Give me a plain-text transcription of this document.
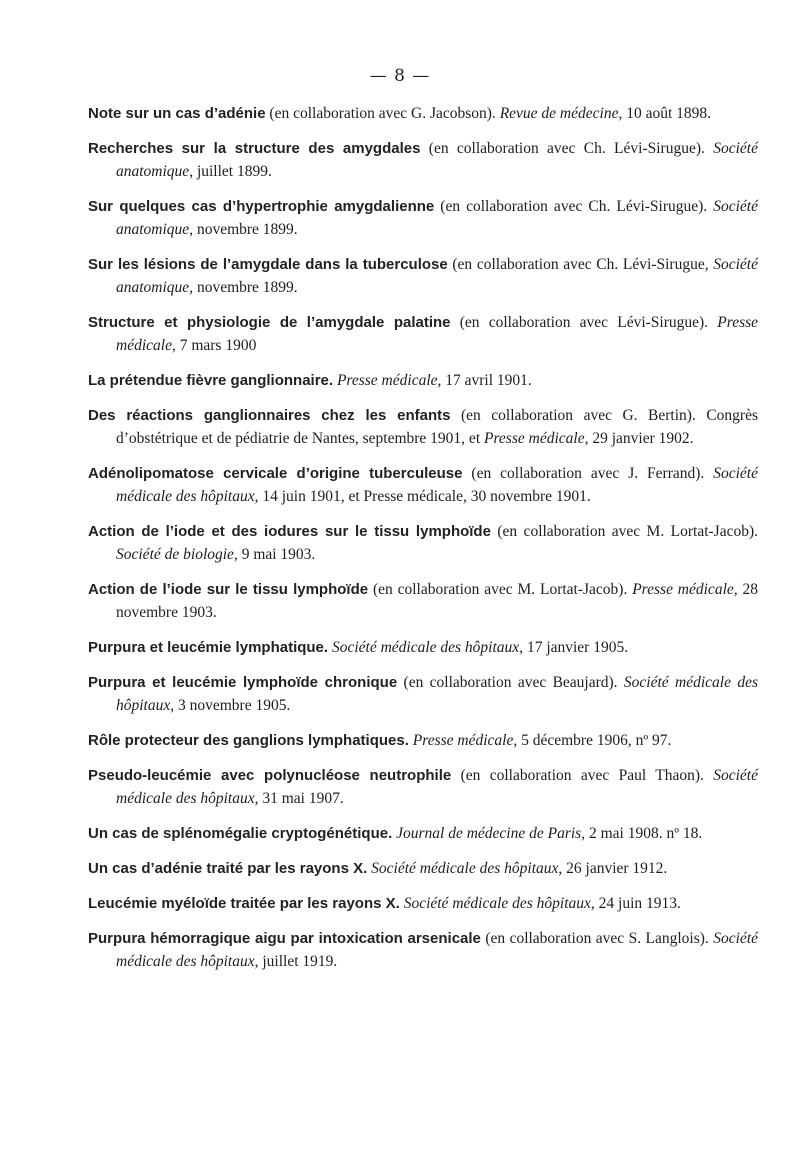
— 8 —

Note sur un cas d’adénie (en collaboration avec G. Jacobson). Revue de médecine, 10 août 1898.

Recherches sur la structure des amygdales (en collaboration avec Ch. Lévi-Sirugue). Société anatomique, juillet 1899.

Sur quelques cas d’hypertrophie amygdalienne (en collaboration avec Ch. Lévi-Sirugue). Société anatomique, novembre 1899.

Sur les lésions de l’amygdale dans la tuberculose (en collaboration avec Ch. Lévi-Sirugue, Société anatomique, novembre 1899.

Structure et physiologie de l’amygdale palatine (en collaboration avec Lévi-Sirugue). Presse médicale, 7 mars 1900

La prétendue fièvre ganglionnaire. Presse médicale, 17 avril 1901.

Des réactions ganglionnaires chez les enfants (en collaboration avec G. Bertin). Congrès d’obstétrique et de pédiatrie de Nantes, septembre 1901, et Presse médicale, 29 janvier 1902.

Adénolipomatose cervicale d’origine tuberculeuse (en collaboration avec J. Ferrand). Société médicale des hôpitaux, 14 juin 1901, et Presse médicale, 30 novembre 1901.

Action de l’iode et des iodures sur le tissu lymphoïde (en collaboration avec M. Lortat-Jacob). Société de biologie, 9 mai 1903.

Action de l’iode sur le tissu lymphoïde (en collaboration avec M. Lortat-Jacob). Presse médicale, 28 novembre 1903.

Purpura et leucémie lymphatique. Société médicale des hôpitaux, 17 janvier 1905.

Purpura et leucémie lymphoïde chronique (en collaboration avec Beaujard). Société médicale des hôpitaux, 3 novembre 1905.

Rôle protecteur des ganglions lymphatiques. Presse médicale, 5 décembre 1906, nº 97.

Pseudo-leucémie avec polynucléose neutrophile (en collaboration avec Paul Thaon). Société médicale des hôpitaux, 31 mai 1907.

Un cas de splénomégalie cryptogénétique. Journal de médecine de Paris, 2 mai 1908. nº 18.

Un cas d’adénie traité par les rayons X. Société médicale des hôpitaux, 26 janvier 1912.

Leucémie myéloïde traitée par les rayons X. Société médicale des hôpitaux, 24 juin 1913.

Purpura hémorragique aigu par intoxication arsenicale (en collaboration avec S. Langlois). Société médicale des hôpitaux, juillet 1919.
